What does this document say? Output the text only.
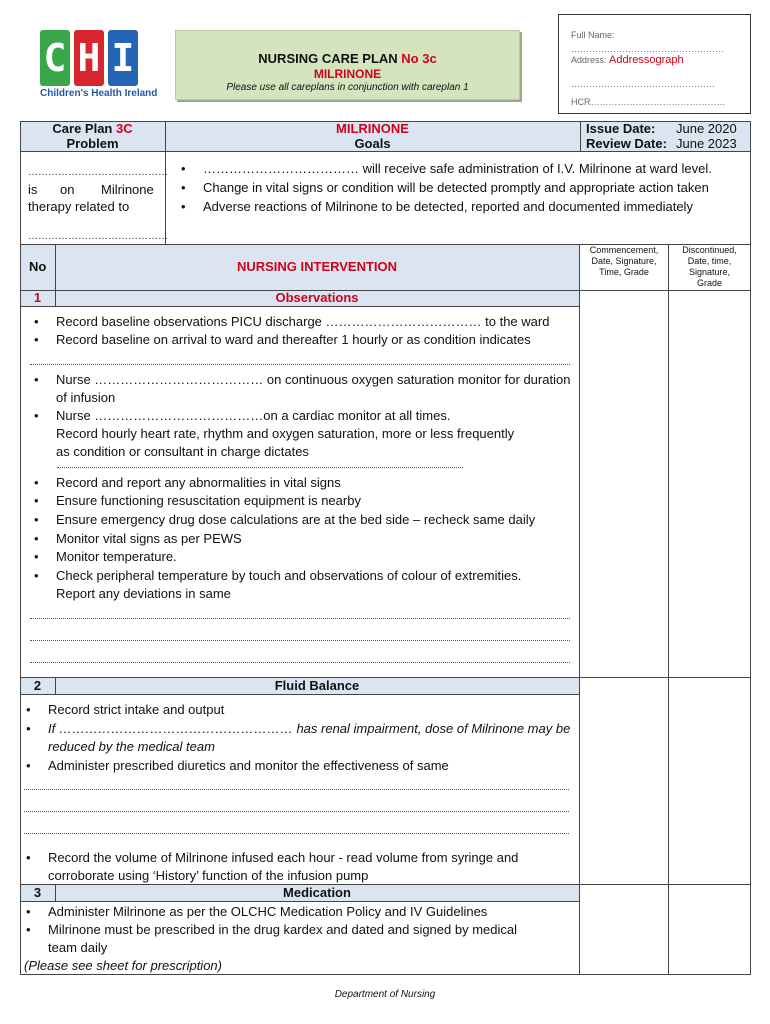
C H I
Children's Health Ireland
NURSING CARE PLAN No 3c
MILRINONE
Please use all careplans in conjunction with careplan 1
Full Name:
……………………………………………
Address: Addressograph
…………………………………………
HCR………………………………………
Care Plan 3C
Problem
MILRINONE
Goals
Issue Date: June 2020

Review Date: June 2023
……………………………………
is on Milrinone
therapy related to
……………………………………
• ……………………………… will receive safe administration of I.V. Milrinone at ward level.
• Change in vital signs or condition will be detected promptly and appropriate action taken
• Adverse reactions of Milrinone to be detected, reported and documented immediately
No	NURSING INTERVENTION
Commencement,
Date, Signature,
Time, Grade
Discontinued,
Date, time,
Signature,
Grade
1	Observations
• Record baseline observations PICU discharge ……………………………… to the ward
• Record baseline on arrival to ward and thereafter 1 hourly or as condition indicates
• Nurse ………………………………… on continuous oxygen saturation monitor for duration
of infusion
• Nurse …………………………………on a cardiac monitor at all times.
Record hourly heart rate, rhythm and oxygen saturation, more or less frequently
as condition or consultant in charge dictates
• Record and report any abnormalities in vital signs
• Ensure functioning resuscitation equipment is nearby
• Ensure emergency drug dose calculations are at the bed side – recheck same daily
• Monitor vital signs as per PEWS
• Monitor temperature.
• Check peripheral temperature by touch and observations of colour of extremities.
Report any deviations in same
2	Fluid Balance
• Record strict intake and output
• If ……………………………………………… has renal impairment, dose of Milrinone may be
reduced by the medical team
• Administer prescribed diuretics and monitor the effectiveness of same
• Record the volume of Milrinone infused each hour - read volume from syringe and
corroborate using ‘History’ function of the infusion pump
3	Medication
• Administer Milrinone as per the OLCHC Medication Policy and IV Guidelines
• Milrinone must be prescribed in the drug kardex and dated and signed by medical
team daily
(Please see sheet for prescription)
Department of Nursing
